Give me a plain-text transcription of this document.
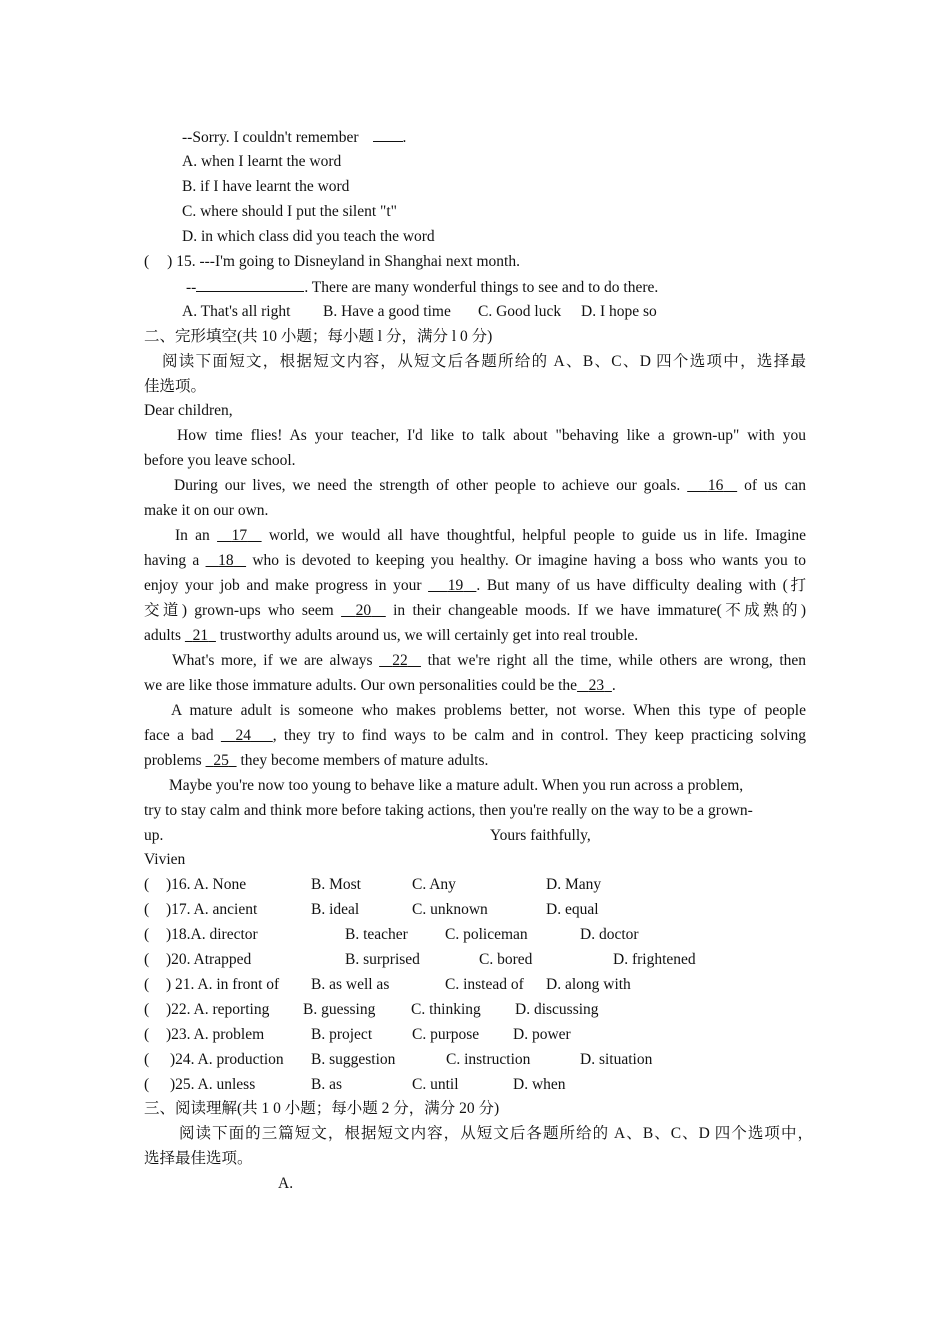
--Sorry. I couldn't remember	.
A. when I learnt the word
B. if I have learnt the word
C. where should I put the silent "t"
D. in which class did you teach the word
( ) 15. ---I'm going to Disneyland in Shanghai next month.
--	. There are many wonderful things to see and to do there.
A. That's all right B. Have a good time C. Good luck D. I hope so
二、完形填空(共 10 小题；每小题 l 分，满分 l 0 分)
阅读下面短文，根据短文内容，从短文后各题所给的 A、B、C、D 四个选项中，选择最
佳选项。
Dear children,
How time flies! As your teacher, I'd like to talk about "behaving like a grown-up" with you
before you leave school.
During our lives, we need the strength of other people to achieve our goals. 16 of us can
make it on our own.
In an 17 world, we would all have thoughtful, helpful people to guide us in life. Imagine
having a 18 who is devoted to keeping you healthy. Or imagine having a boss who wants you to
enjoy your job and make progress in your 19 . But many of us have difficulty dealing with (打
交道) grown-ups who seem 20 in their changeable moods. If we have immature(不成熟的)
adults 21 trustworthy adults around us, we will certainly get into real trouble.
What's more, if we are always 22 that we're right all the time, while others are wrong, then
we are like those immature adults. Our own personalities could be the 23 .
A mature adult is someone who makes problems better, not worse. When this type of people
face a bad 24 , they try to find ways to be calm and in control. They keep practicing solving
problems 25 they become members of mature adults.
Maybe you're now too young to behave like a mature adult. When you run across a problem,
try to stay calm and think more before taking actions, then you're really on the way to be a grown-
up.	Yours faithfully,
Vivien
( )16. A. None	B. Most	C. Any	D. Many
( )17. A. ancient	B. ideal	C. unknown	D. equal
( )18.A. director	B. teacher C. policeman	D. doctor
( )20. Atrapped	B. surprised	C. bored	D. frightened
( ) 21. A. in front of B. as well as	C. instead of D. along with
( )22. A. reporting B. guessing C. thinking D. discussing
( )23. A. problem	B. project	C. purpose D. power
( )24. A. production B. suggestion	C. instruction	D. situation
( )25. A. unless	B. as	C. until	D. when
三、阅读理解(共 1 0 小题；每小题 2 分，满分 20 分)
阅读下面的三篇短文，根据短文内容，从短文后各题所给的 A、B、C、D 四个选项中，
选择最佳选项。
A.
